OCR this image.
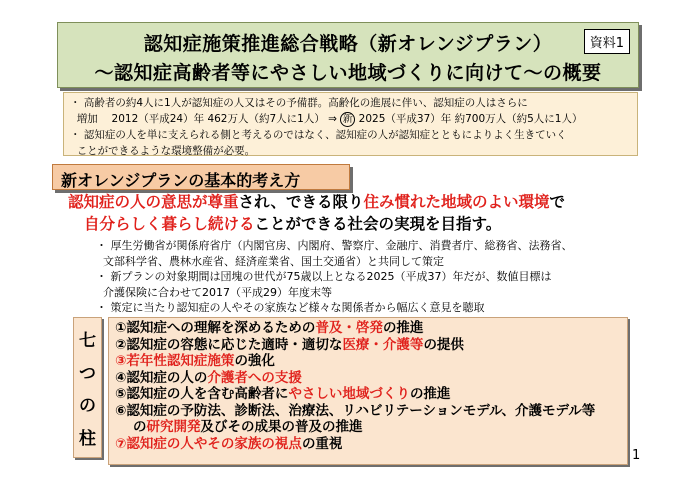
認知症施策推進総合戦略（新オレンジプラン）
～認知症高齢者等にやさしい地域づくりに向けて～の概要
資料1
・ 高齢者の約4人に1人が認知症の人又はその予備群。高齢化の進展に伴い、認知症の人はさらに
増加　 2012（平成24）年 462万人（約7人に1人） ⇒ 新 2025（平成37）年 約700万人（約5人に1人）
・ 認知症の人を単に支えられる側と考えるのではなく、認知症の人が認知症とともによりよく生きていく
ことができるような環境整備が必要。
新オレンジプランの基本的考え方
認知症の人の意思が尊重され、できる限り住み慣れた地域のよい環境で
自分らしく暮らし続けることができる社会の実現を目指す。
・ 厚生労働省が関係府省庁（内閣官房、内閣府、警察庁、金融庁、消費者庁、総務省、法務省、
文部科学省、農林水産省、経済産業省、国土交通省）と共同して策定
・ 新プランの対象期間は団塊の世代が75歳以上となる2025（平成37）年だが、数値目標は
介護保険に合わせて2017（平成29）年度末等
・ 策定に当たり認知症の人やその家族など様々な関係者から幅広く意見を聴取
七
つ
の
柱
①認知症への理解を深めるための普及・啓発の推進
②認知症の容態に応じた適時・適切な医療・介護等の提供
③若年性認知症施策の強化
④認知症の人の介護者への支援
⑤認知症の人を含む高齢者にやさしい地域づくりの推進
⑥認知症の予防法、診断法、治療法、リハビリテーションモデル、介護モデル等
の研究開発及びその成果の普及の推進
⑦認知症の人やその家族の視点の重視
1
